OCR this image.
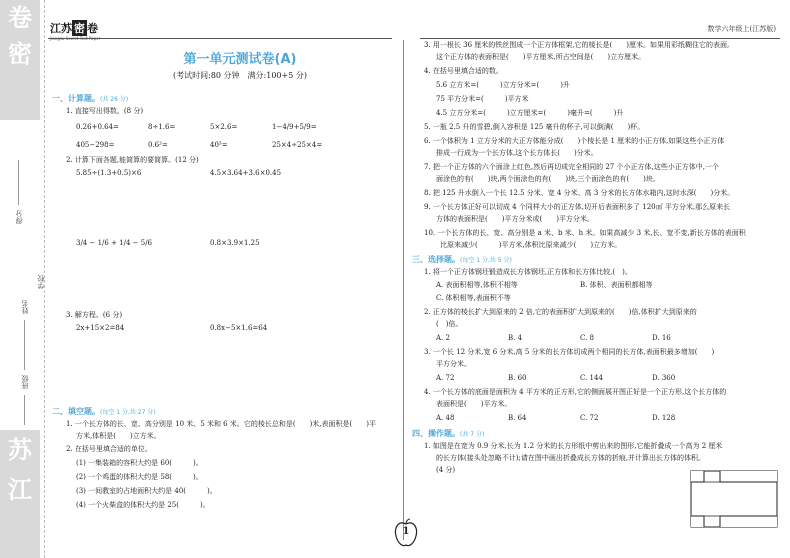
卷
密
苏
江
得分
姓名
班级
学校
江苏 密 卷	数学六年级上(江苏版)
第一单元测试卷(A)
(考试时间:80 分钟　满分:100+5 分)
一、计算题。(共 26 分)
1. 直接写出得数。(8 分)
0.26+0.64=	8÷1.6=	5×2.6=	1−4/9+5/9=
405−298=	0.6²=	40³=	25×4÷25×4=
2. 计算下面各题,能简算的要简算。(12 分)
5.85÷(1.3+0.5)×6	4.5×3.64+3.6×0.45
3/4 − 1/6 + 1/4 − 5/6	0.8×3.9×1.25
3. 解方程。(6 分)
2x+15×2=84	0.8x−5×1.6=64
二、填空题。(每空 1 分,共 27 分)
1. 一个长方体的长、宽、高分别是 10 米、5 米和 6 米。它的棱长总和是(　　)米,表面积是(　　)平
方米,体积是(　　)立方米。
2. 在括号里填合适的单位。
(1) 一集装箱的容积大约是 60(　　　)。
(2) 一个鸡蛋的体积大约是 58(　　　)。
(3) 一间教室的占地面积大约是 40(　　　)。
(4) 一个火柴盒的体积大约是 25(　　　)。
3. 用一根长 36 厘米的铁丝围成一个正方体框架,它的棱长是(　　)厘米。如果用彩纸糊住它的表面,
这个正方体的表面积是(　　)平方厘米,所占空间是(　　)立方厘米。
4. 在括号里填合适的数。
5.6 立方米=(　　　)立方分米=(　　　)升
75 平方分米=(　　　)平方米
4.5 立方分米=(　　　)立方厘米=(　　　)毫升=(　　　)升
5. 一瓶 2.5 升的雪碧,倒入容积是 125 毫升的杯子,可以倒满(　　)杯。
6. 一个体积为 1 立方分米的大正方体能分成(　　)个棱长是 1 厘米的小正方体,如果这些小正方体
排成一行成为一个长方体,这个长方体长(　　)分米。
7. 把一个正方体的六个面涂上红色,然后再切成完全相同的 27 个小正方体,这些小正方体中,一个
面涂色的有(　　)块,两个面涂色的有(　　)块,三个面涂色的有(　　)块。
8. 把 125 升水倒入一个长 12.5 分米、宽 4 分米、高 3 分米的长方体水箱内,这时水深(　　)分米。
9. 一个长方体正好可以切成 4 个同样大小的正方体,切开后表面积多了 120㎠ 平方分米,那么原来长
方体的表面积是(　　)平方分米或(　　)平方分米。
10. 一个长方体的长、宽、高分别是 a 米、b 米、h 米。如果高减少 3 米,长、宽不变,新长方体的表面积
比原来减少(　　　)平方米,体积比原来减少(　　)立方米。
三、选择题。(每空 1 分,共 5 分)
1. 将一个正方体钢坯锻造成长方体钢坯,正方体和长方体比较,(　)。
A. 表面积相等,体积不相等	B. 体积、表面积都相等
C. 体积相等,表面积不等
2. 正方体的棱长扩大到原来的 2 倍,它的表面积扩大到原来的(　　)倍,体积扩大到原来的
(　)倍。
A. 2	B. 4	C. 8	D. 16
3. 一个长 12 分米,宽 6 分米,高 5 分米的长方体切成两个相同的长方体,表面积最多增加(　　)
平方分米。
A. 72	B. 60	C. 144	D. 360
4. 一个长方体的底面是面积为 4 平方米的正方形,它的侧面展开图正好是一个正方形,这个长方体的
表面积是(　　)平方米。
A. 48	B. 64	C. 72	D. 128
四、操作题。(共 7 分)
1. 如图是在宽为 0.9 分米,长为 1.2 分米的长方形纸中剪出来的图形,它能折叠成一个高为 2 厘米
的长方体(接头处忽略不计);请在图中画出折叠成长方体的折痕,并计算出长方体的体积。
(4 分)
1
